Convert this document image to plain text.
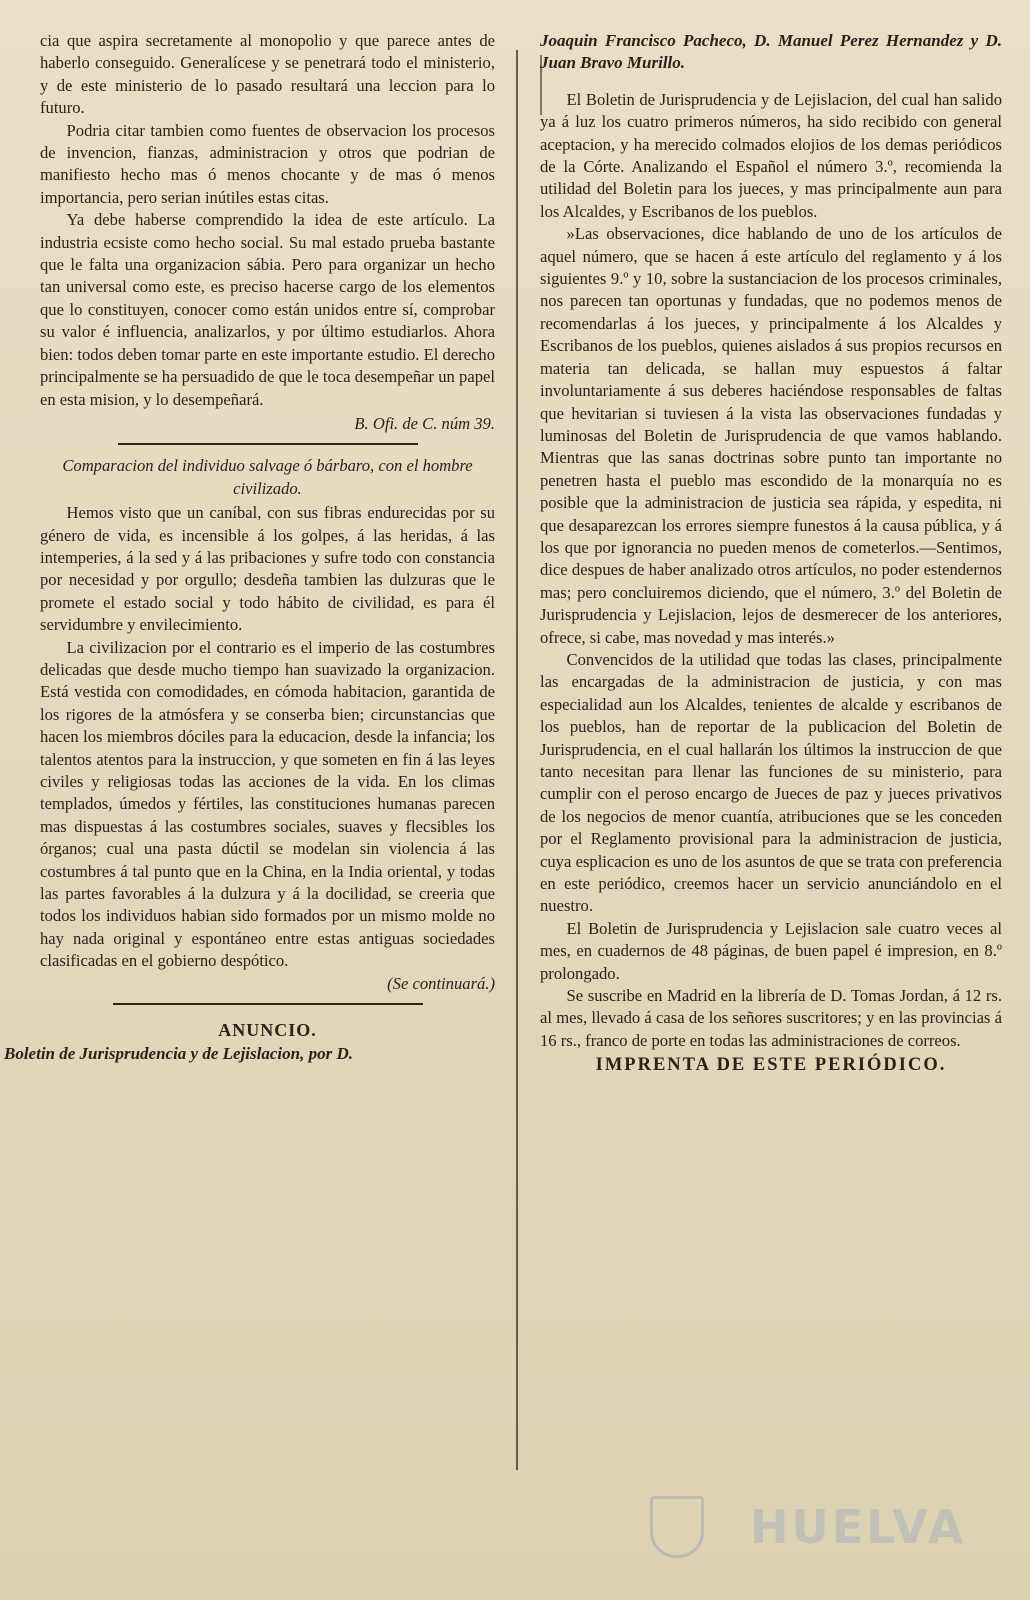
cia que aspira secretamente al monopolio y que parece antes de haberlo conseguido. Generalícese y se penetrará todo el ministerio, y de este ministerio de lo pasado resultará una leccion para lo futuro.

Podria citar tambien como fuentes de observacion los procesos de invencion, fianzas, administracion y otros que podrian de manifiesto hecho mas ó menos chocante y de mas ó menos importancia, pero serian inútiles estas citas.

Ya debe haberse comprendido la idea de este artículo. La industria ecsiste como hecho social. Su mal estado prueba bastante que le falta una organizacion sábia. Pero para organizar un hecho tan universal como este, es preciso hacerse cargo de los elementos que lo constituyen, conocer como están unidos entre sí, comprobar su valor é influencia, analizarlos, y por último estudiarlos. Ahora bien: todos deben tomar parte en este importante estudio. El derecho principalmente se ha persuadido de que le toca desempeñar un papel en esta mision, y lo desempeñará.

B. Ofi. de C. núm 39.

Comparacion del individuo salvage ó bárbaro, con el hombre civilizado.

Hemos visto que un caníbal, con sus fibras endurecidas por su género de vida, es incensible á los golpes, á las heridas, á las intemperies, á la sed y á las pribaciones y sufre todo con constancia por necesidad y por orgullo; desdeña tambien las dulzuras que le promete el estado social y todo hábito de civilidad, es para él servidumbre y envilecimiento.

La civilizacion por el contrario es el imperio de las costumbres delicadas que desde mucho tiempo han suavizado la organizacion. Está vestida con comodidades, en cómoda habitacion, garantida de los rigores de la atmósfera y se conserba bien; circunstancias que hacen los miembros dóciles para la educacion, desde la infancia; los talentos atentos para la instruccion, y que someten en fin á las leyes civiles y religiosas todas las acciones de la vida. En los climas templados, úmedos y fértiles, las constituciones humanas parecen mas dispuestas á las costumbres sociales, suaves y flecsibles los órganos; cual una pasta dúctil se modelan sin violencia á las costumbres á tal punto que en la China, en la India oriental, y todas las partes favorables á la dulzura y á la docilidad, se creeria que todos los individuos habian sido formados por un mismo molde no hay nada original y espontáneo entre estas antiguas sociedades clasificadas en el gobierno despótico.

(Se continuará.)

ANUNCIO.

Boletin de Jurisprudencia y de Lejislacion, por D.

Joaquin Francisco Pacheco, D. Manuel Perez Hernandez y D. Juan Bravo Murillo.

El Boletin de Jurisprudencia y de Lejislacion, del cual han salido ya á luz los cuatro primeros números, ha sido recibido con general aceptacion, y ha merecido colmados elojios de los demas periódicos de la Córte. Analizando el Español el número 3.º, recomienda la utilidad del Boletin para los jueces, y mas principalmente aun para los Alcaldes, y Escribanos de los pueblos.

»Las observaciones, dice hablando de uno de los artículos de aquel número, que se hacen á este artículo del reglamento y á los siguientes 9.º y 10, sobre la sustanciacion de los procesos criminales, nos parecen tan oportunas y fundadas, que no podemos menos de recomendarlas á los jueces, y principalmente á los Alcaldes y Escribanos de los pueblos, quienes aislados á sus propios recursos en materia tan delicada, se hallan muy espuestos á faltar involuntariamente á sus deberes haciéndose responsables de faltas que hevitarian si tuviesen á la vista las observaciones fundadas y luminosas del Boletin de Jurisprudencia de que vamos hablando. Mientras que las sanas doctrinas sobre punto tan importante no penetren hasta el pueblo mas escondido de la monarquía no es posible que la administracion de justicia sea rápida, y espedita, ni que desaparezcan los errores siempre funestos á la causa pública, y á los que por ignorancia no pueden menos de cometerlos.—Sentimos, dice despues de haber analizado otros artículos, no poder estendernos mas; pero concluiremos diciendo, que el número, 3.º del Boletin de Jurisprudencia y Lejislacion, lejos de desmerecer de los anteriores, ofrece, si cabe, mas novedad y mas interés.»

Convencidos de la utilidad que todas las clases, principalmente las encargadas de la administracion de justicia, y con mas especialidad aun los Alcaldes, tenientes de alcalde y escribanos de los pueblos, han de reportar de la publicacion del Boletin de Jurisprudencia, en el cual hallarán los últimos la instruccion de que tanto necesitan para llenar las funciones de su ministerio, para cumplir con el peroso encargo de Jueces de paz y jueces privativos de los negocios de menor cuantía, atribuciones que se les conceden por el Reglamento provisional para la administracion de justicia, cuya esplicacion es uno de los asuntos de que se trata con preferencia en este periódico, creemos hacer un servicio anunciándolo en el nuestro.

El Boletin de Jurisprudencia y Lejislacion sale cuatro veces al mes, en cuadernos de 48 páginas, de buen papel é impresion, en 8.º prolongado.

Se suscribe en Madrid en la librería de D. Tomas Jordan, á 12 rs. al mes, llevado á casa de los señores suscritores; y en las provincias á 16 rs., franco de porte en todas las administraciones de correos.

IMPRENTA DE ESTE PERIÓDICO.

HUELVA
